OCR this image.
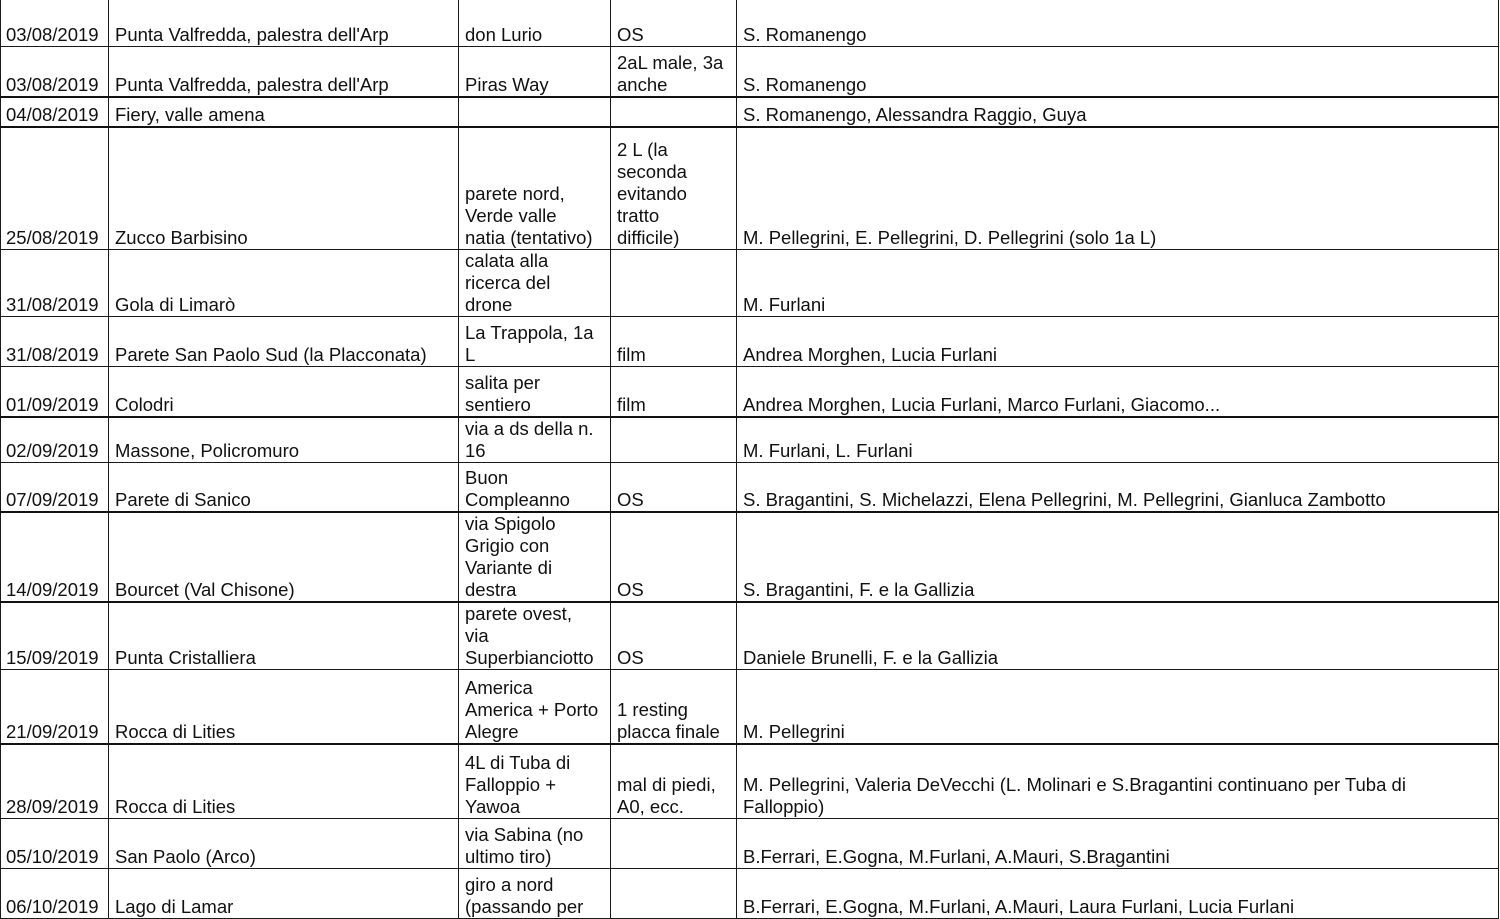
03/08/2019	Punta Valfredda, palestra dell'Arp	don Lurio	OS	S. Romanengo
03/08/2019	Punta Valfredda, palestra dell'Arp	Piras Way	2aL male, 3a
anche	S. Romanengo
04/08/2019	Fiery, valle amena			S. Romanengo, Alessandra Raggio, Guya
25/08/2019	Zucco Barbisino	parete nord,
Verde valle
natia (tentativo)	2 L (la
seconda
evitando
tratto
difficile)	M. Pellegrini, E. Pellegrini, D. Pellegrini (solo 1a L)
31/08/2019	Gola di Limarò	calata alla
ricerca del
drone		M. Furlani
31/08/2019	Parete San Paolo Sud (la Placconata)	La Trappola, 1a
L	film	Andrea Morghen, Lucia Furlani
01/09/2019	Colodri	salita per
sentiero	film	Andrea Morghen, Lucia Furlani, Marco Furlani, Giacomo...
02/09/2019	Massone, Policromuro	via a ds della n.
16		M. Furlani, L. Furlani
07/09/2019	Parete di Sanico	Buon
Compleanno	OS	S. Bragantini, S. Michelazzi, Elena Pellegrini, M. Pellegrini, Gianluca Zambotto
14/09/2019	Bourcet (Val Chisone)	via Spigolo
Grigio con
Variante di
destra	OS	S. Bragantini, F. e la Gallizia
15/09/2019	Punta Cristalliera	parete ovest,
via
Superbianciotto	OS	Daniele Brunelli, F. e la Gallizia
21/09/2019	Rocca di Lities	America
America + Porto
Alegre	1 resting
placca finale	M. Pellegrini
28/09/2019	Rocca di Lities	4L di Tuba di
Falloppio +
Yawoa	mal di piedi,
A0, ecc.	M. Pellegrini, Valeria DeVecchi (L. Molinari e S.Bragantini continuano per Tuba di
Falloppio)
05/10/2019	San Paolo (Arco)	via Sabina (no
ultimo tiro)		B.Ferrari, E.Gogna, M.Furlani, A.Mauri, S.Bragantini
06/10/2019	Lago di Lamar	giro a nord
(passando per		B.Ferrari, E.Gogna, M.Furlani, A.Mauri, Laura Furlani, Lucia Furlani
